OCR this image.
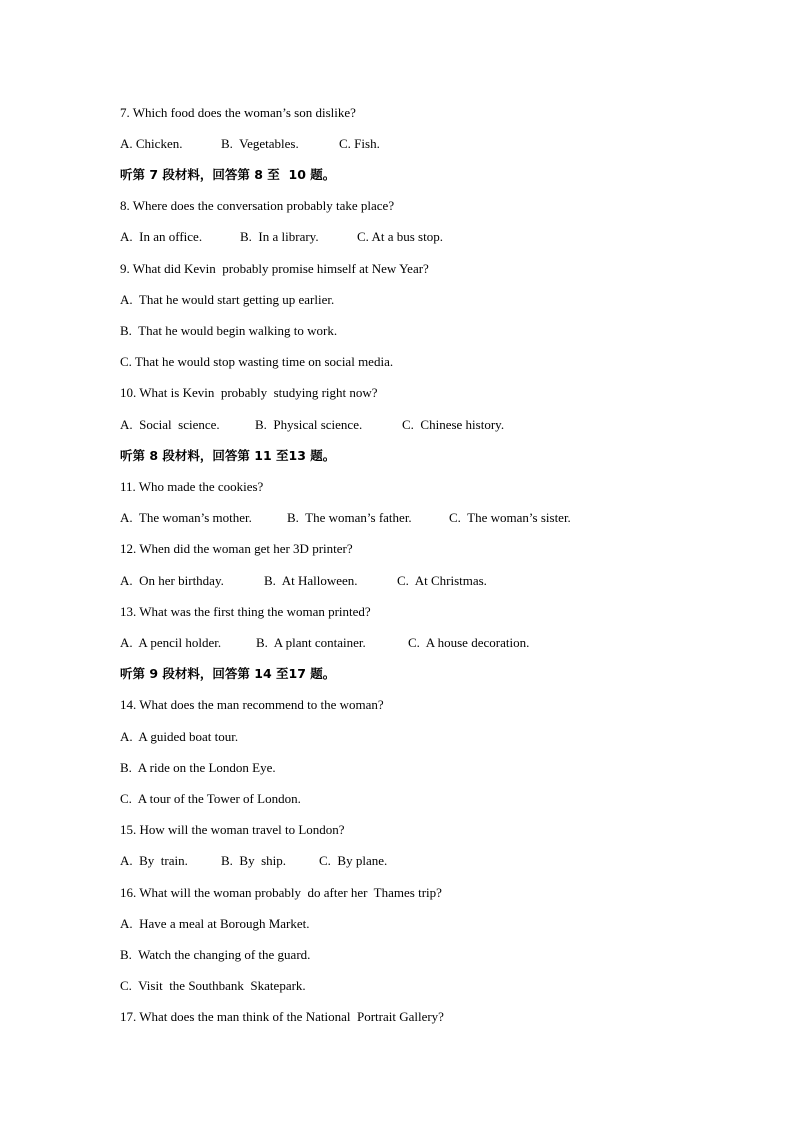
7. Which food does the woman’s son dislike?
A. Chicken.	B.  Vegetables.	C. Fish.
听第 7 段材料，回答第 8 至  10 题。
8. Where does the conversation probably take place?
A.  In an office.	B.  In a library.	C. At a bus stop.
9. What did Kevin  probably promise himself at New Year?
A.  That he would start getting up earlier.
B.  That he would begin walking to work.
C. That he would stop wasting time on social media.
10. What is Kevin  probably  studying right now?
A.  Social  science.	B.  Physical science.	C.  Chinese history.
听第 8 段材料，回答第 11 至13 题。
11. Who made the cookies?
A.  The woman’s mother.	B.  The woman’s father.	C.  The woman’s sister.
12. When did the woman get her 3D printer?
A.  On her birthday.	B.  At Halloween.	C.  At Christmas.
13. What was the first thing the woman printed?
A.  A pencil holder.	B.  A plant container.	C.  A house decoration.
听第 9 段材料，回答第 14 至17 题。
14. What does the man recommend to the woman?
A.  A guided boat tour.
B.  A ride on the London Eye.
C.  A tour of the Tower of London.
15. How will the woman travel to London?
A.  By  train.	B.  By  ship.	C.  By plane.
16. What will the woman probably  do after her  Thames trip?
A.  Have a meal at Borough Market.
B.  Watch the changing of the guard.
C.  Visit  the Southbank  Skatepark.
17. What does the man think of the National  Portrait Gallery?
